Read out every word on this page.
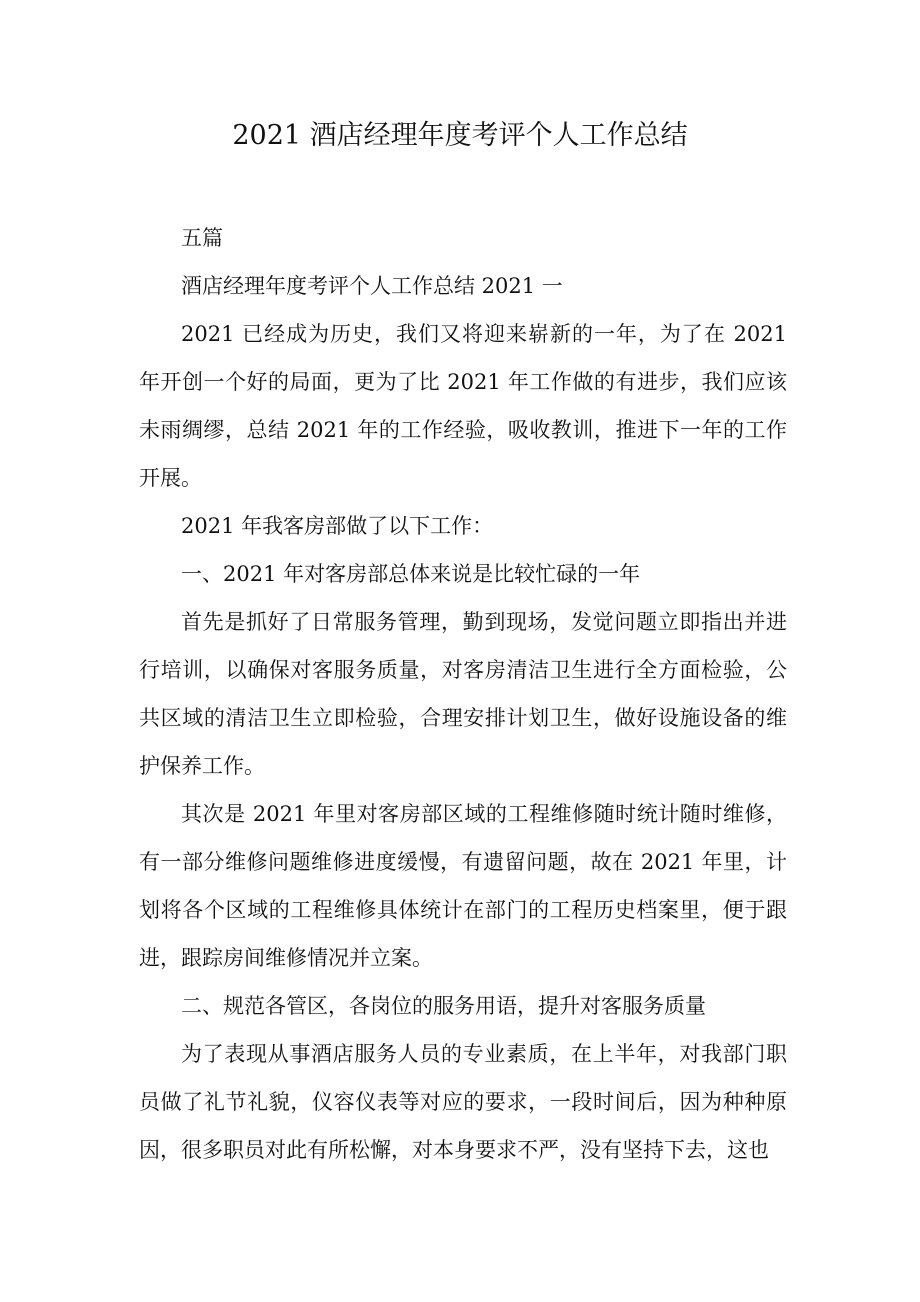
2021 酒店经理年度考评个人工作总结

五篇

酒店经理年度考评个人工作总结 2021 一

2021 已经成为历史，我们又将迎来崭新的一年，为了在 2021 年开创一个好的局面，更为了比 2021 年工作做的有进步，我们应该未雨绸缪，总结 2021 年的工作经验，吸收教训，推进下一年的工作开展。

2021 年我客房部做了以下工作：

一、2021 年对客房部总体来说是比较忙碌的一年

首先是抓好了日常服务管理，勤到现场，发觉问题立即指出并进行培训，以确保对客服务质量，对客房清洁卫生进行全方面检验，公共区域的清洁卫生立即检验，合理安排计划卫生，做好设施设备的维护保养工作。

其次是 2021 年里对客房部区域的工程维修随时统计随时维修，有一部分维修问题维修进度缓慢，有遗留问题，故在 2021 年里，计划将各个区域的工程维修具体统计在部门的工程历史档案里，便于跟进，跟踪房间维修情况并立案。

二、规范各管区，各岗位的服务用语，提升对客服务质量

为了表现从事酒店服务人员的专业素质，在上半年，对我部门职员做了礼节礼貌，仪容仪表等对应的要求，一段时间后，因为种种原因，很多职员对此有所松懈，对本身要求不严，没有坚持下去，这也
